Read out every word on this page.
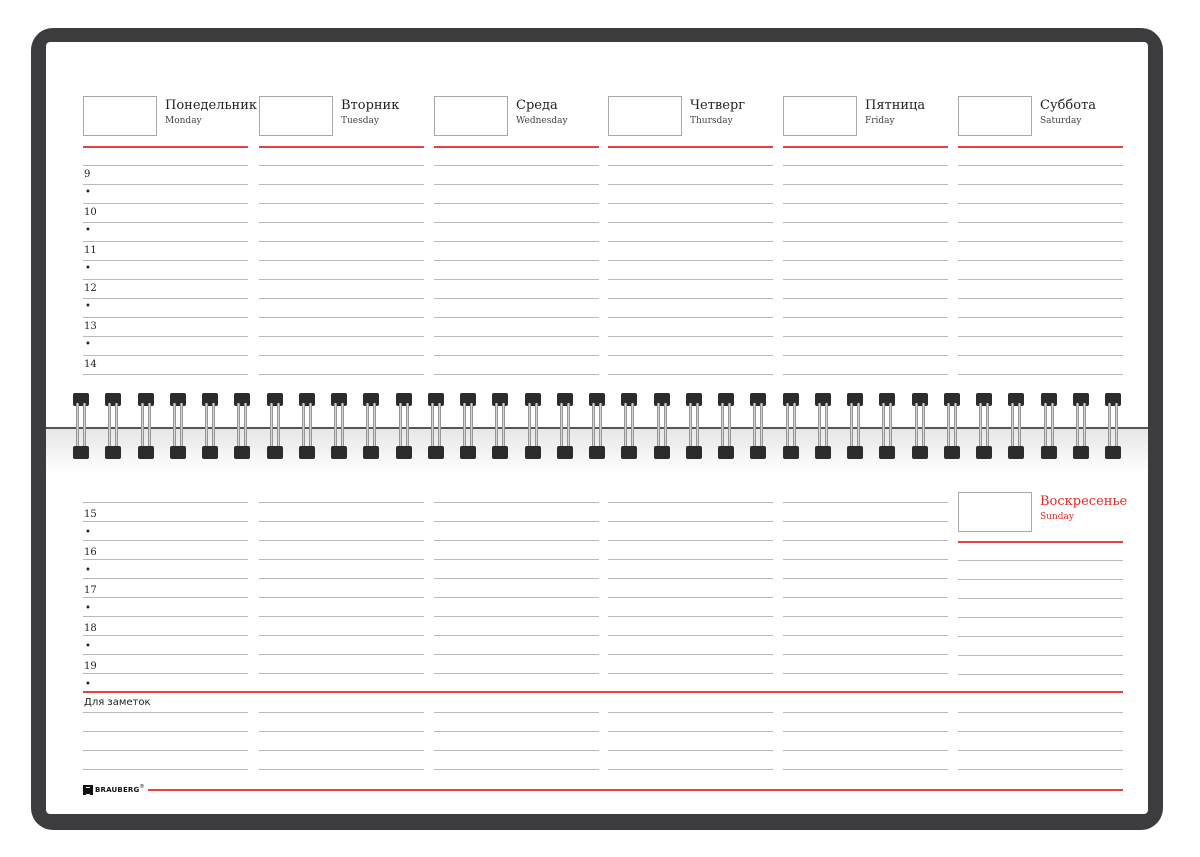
Понедельник
Monday
Вторник
Tuesday
Среда
Wednesday
Четверг
Thursday
Пятница
Friday
Суббота
Saturday
9
•
10
•
11
•
12
•
13
•
14
Воскресенье
Sunday
15
•
16
•
17
•
18
•
19
•
Для заметок
BRAUBERG ®
